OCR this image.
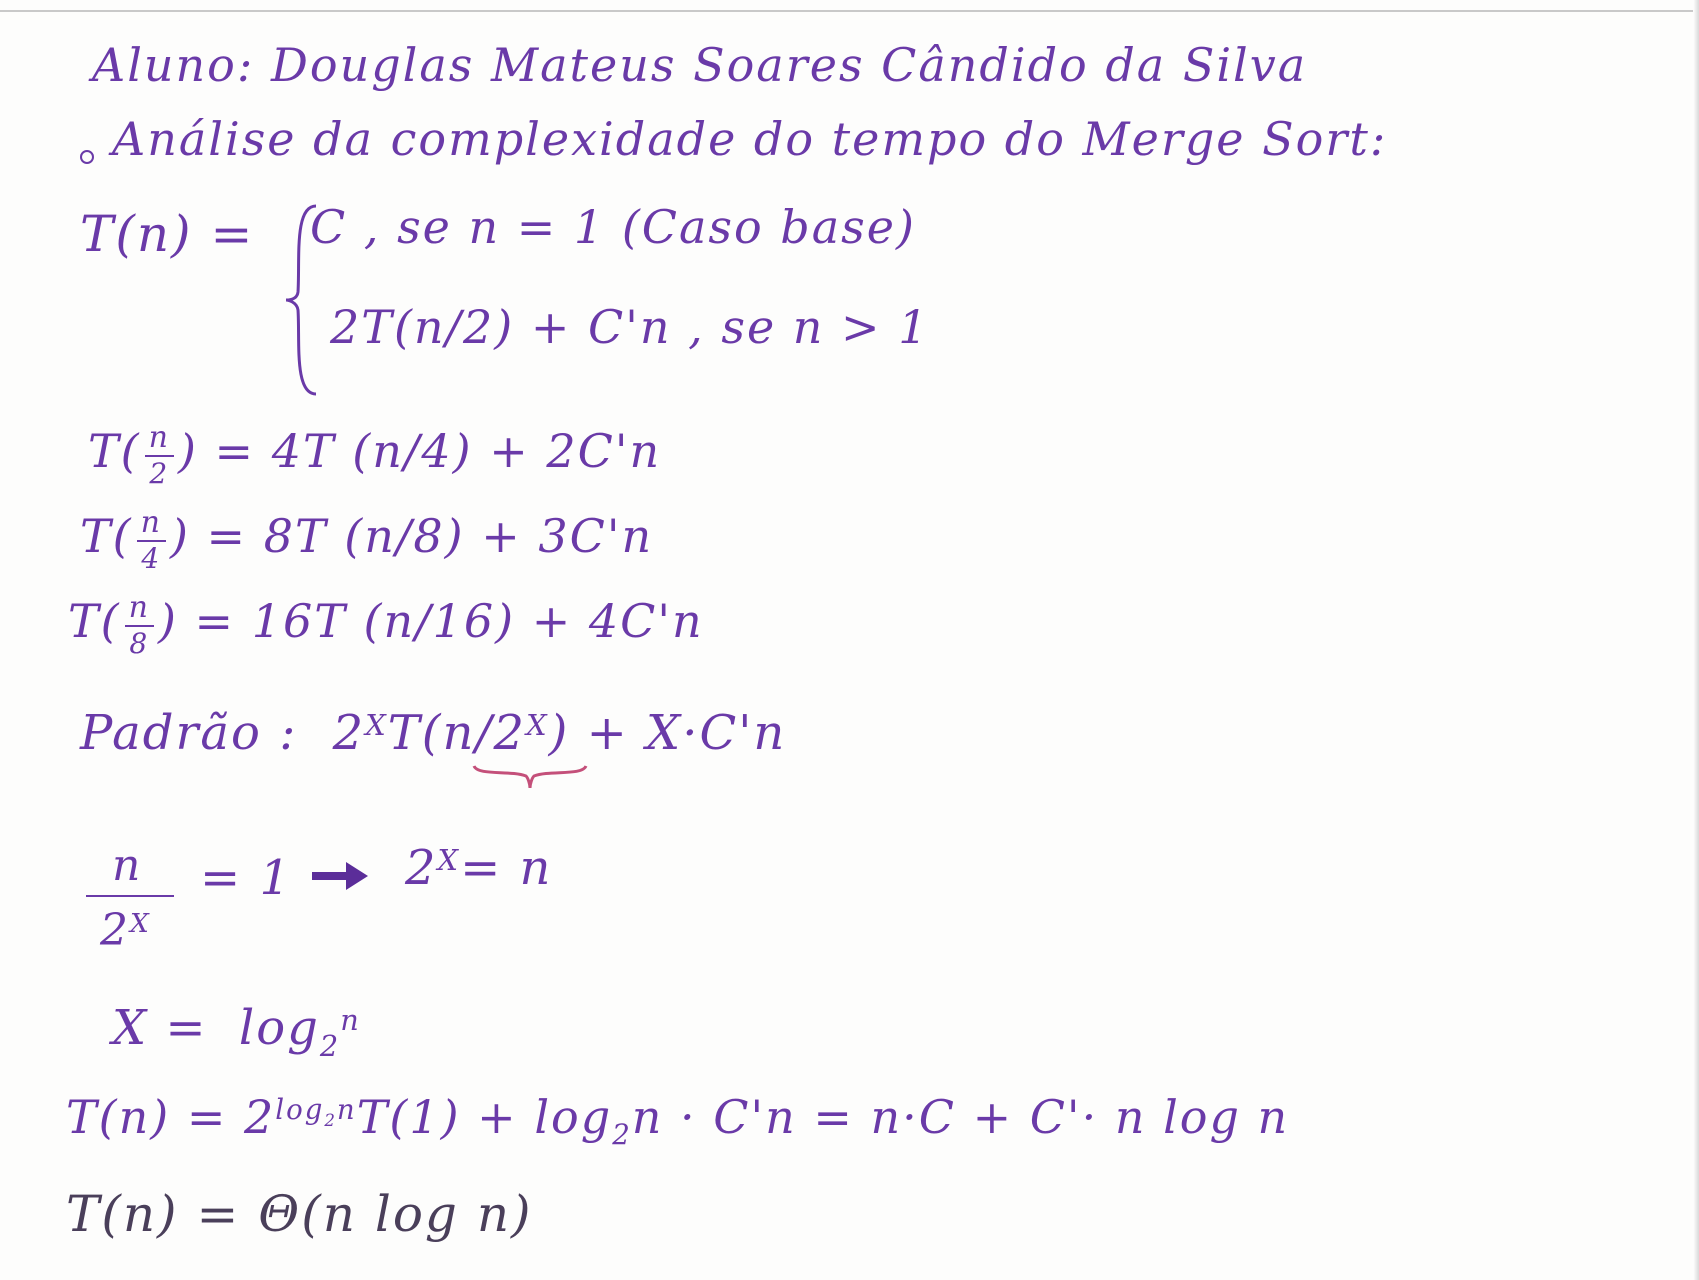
Aluno: Douglas Mateus Soares Cândido da Silva
Análise da complexidade do tempo do Merge Sort:
T(n) = C , se n = 1 (Caso base)
2T(n/2) + C'n , se n > 1
$T( \frac{n}{2}$ ) = 4T (n/4) + 2C'n
$T( \frac{n}{4}$ ) = 8T (n/8) + 3C'n
$T( \frac{n}{8}$ ) = 16T (n/16) + 4C'n
Padrão : $2^XT(n/2^X) + X\cdot C'n$
n
$2^X$
= 1 $2^X= n$
$X = \log_2^n$
$T(n) = 2^{log_2n}T(1) + \log_2n \cdot C'n = n\cdot C + C'\cdot n$ log n
T(n) = Θ(n log n)
